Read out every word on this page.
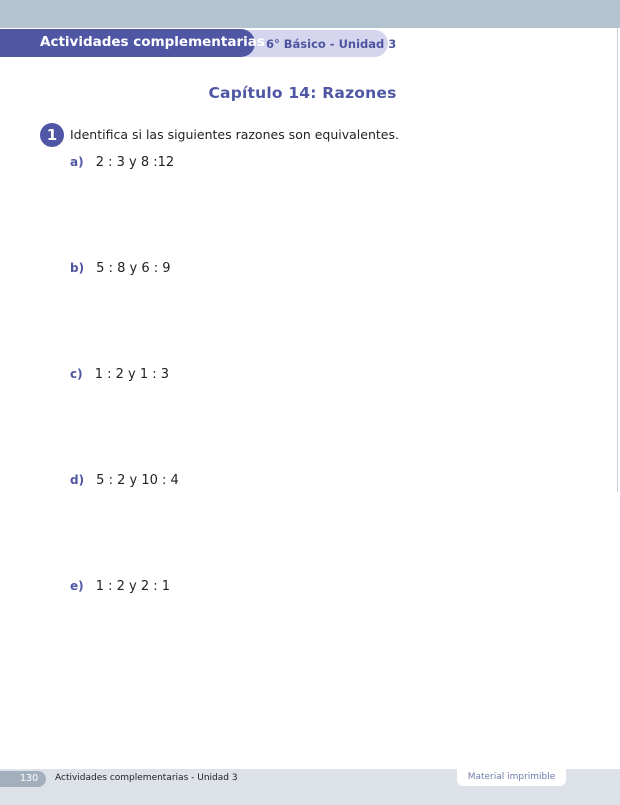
6° Básico - Unidad 3
Actividades complementarias
Capítulo 14: Razones
1	Identifica si las siguientes razones son equivalentes.
a) 2 : 3 y 8 :12
b) 5 : 8 y 6 : 9
c) 1 : 2 y 1 : 3
d) 5 : 2 y 10 : 4
e) 1 : 2 y 2 : 1
130 Actividades complementarias - Unidad 3	Material imprimible
